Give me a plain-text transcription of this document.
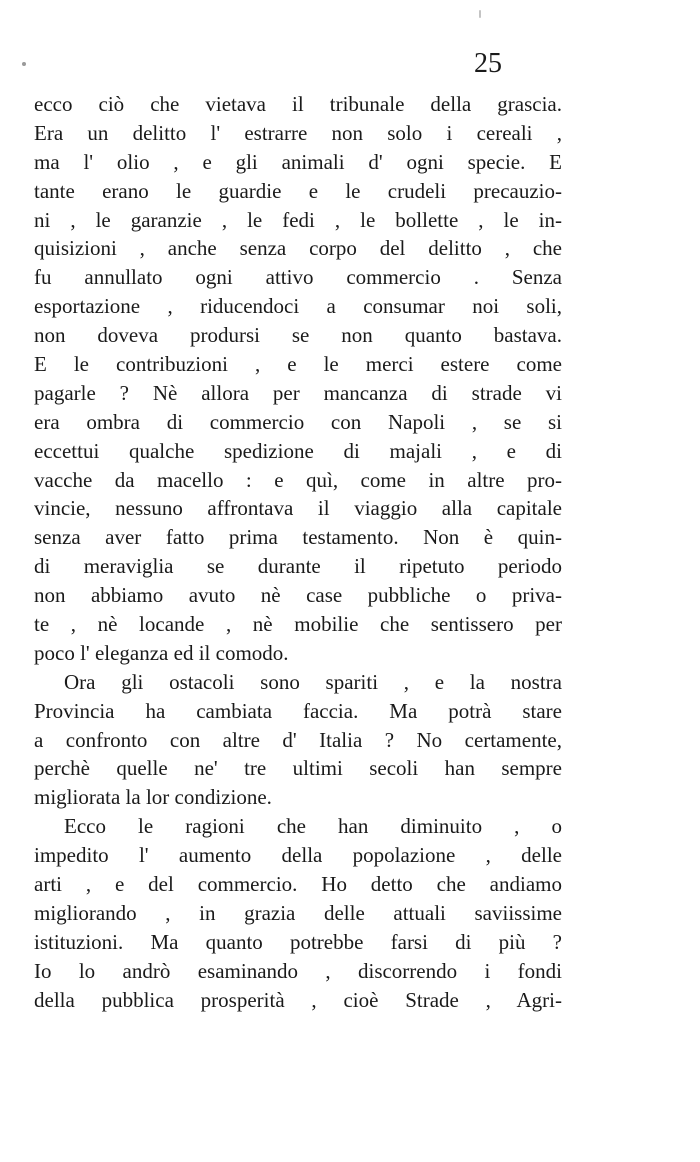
25
ecco ciò che vietava il tribunale della grascia.
Era un delitto l' estrarre non solo i cereali ,
ma l' olio , e gli animali d' ogni specie. E
tante erano le guardie e le crudeli precauzio-
ni , le garanzie , le fedi , le bollette , le in-
quisizioni , anche senza corpo del delitto , che
fu annullato ogni attivo commercio . Senza
esportazione , riducendoci a consumar noi soli,
non doveva prodursi se non quanto bastava.
E le contribuzioni , e le merci estere come
pagarle ? Nè allora per mancanza di strade vi
era ombra di commercio con Napoli , se si
eccettui qualche spedizione di majali , e di
vacche da macello : e quì, come in altre pro-
vincie, nessuno affrontava il viaggio alla capitale
senza aver fatto prima testamento. Non è quin-
di meraviglia se durante il ripetuto periodo
non abbiamo avuto nè case pubbliche o priva-
te , nè locande , nè mobilie che sentissero per
poco l' eleganza ed il comodo.
Ora gli ostacoli sono spariti , e la nostra
Provincia ha cambiata faccia. Ma potrà stare
a confronto con altre d' Italia ? No certamente,
perchè quelle ne' tre ultimi secoli han sempre
migliorata la lor condizione.
Ecco le ragioni che han diminuito , o
impedito l' aumento della popolazione , delle
arti , e del commercio. Ho detto che andiamo
migliorando , in grazia delle attuali saviissime
istituzioni. Ma quanto potrebbe farsi di più ?
Io lo andrò esaminando , discorrendo i fondi
della pubblica prosperità , cioè Strade , Agri-
